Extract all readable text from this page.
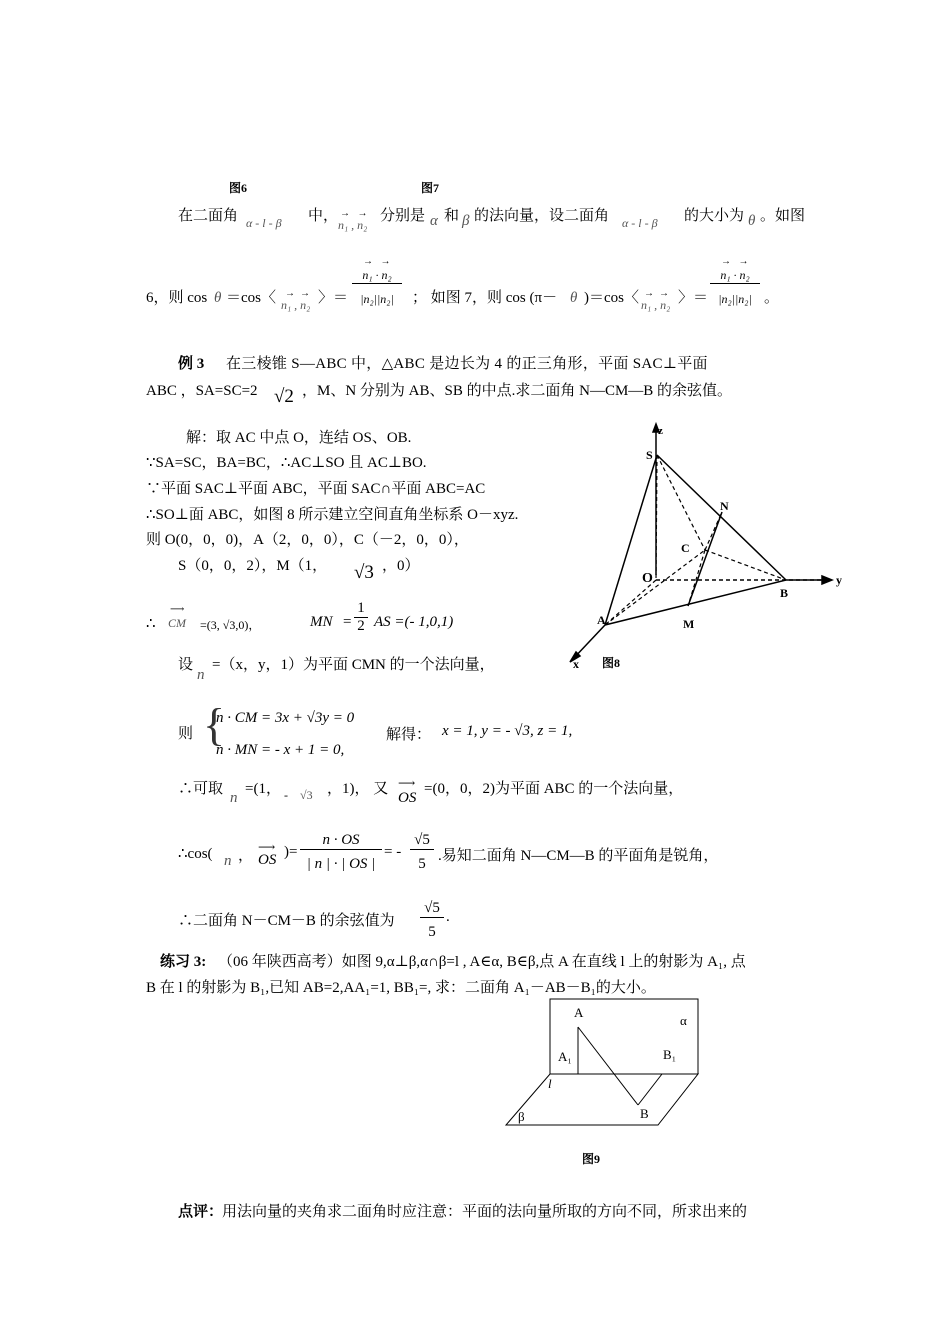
图6	图7
在二面角 α - l - β 中， →   →
n₁ , n₂
分别是 α 和 β 的法向量，设二面角 α - l - β 的大小为 θ 。如图
6，则 cos θ ＝cos〈 →  →
n₁ , n₂ 〉＝
→   →
$\frac{\text{n₁ · n₂}}{\text{|n₂||n₂|}}$ ； 如图 7，则 cos (π－ θ )＝cos〈 →  →
n₁ , n₂ 〉＝
→   →
$\frac{\text{n₁ · n₂}}{\text{|n₂||n₂|}}$ 。
例 3 在三棱锥 S—ABC 中，△ABC 是边长为 4 的正三角形，平面 SAC⊥平面
ABC ，SA=SC=2 √2 ，M、N 分别为 AB、SB 的中点.求二面角 N—CM—B 的余弦值。
解：取 AC 中点 O，连结 OS、OB.
∵SA=SC，BA=BC，∴AC⊥SO 且 AC⊥BO.
∵平面 SAC⊥平面 ABC，平面 SAC∩平面 ABC=AC
∴SO⊥面 ABC，如图 8 所示建立空间直角坐标系 O－xyz.
则 O(0，0，0)，A（2，0，0），C（－2，0，0），
S（0，0，2），M（1， √3 ，0）
∴
⟶
CM =(3, √3,0)，	MN = $\frac{1}{2}$ AS =(- 1,0,1)
设
n
=（x，y，1）为平面 CMN 的一个法向量，
则 {
n · CM = 3x + √3y = 0
n · MN = - x + 1 = 0,
解得： x = 1, y = - √3, z = 1,
∴可取
n
=(1， - √3 ，1)， 又 ⟶
OS
=(0，0，2)为平面 ABC 的一个法向量，
∴cos( n ，
⟶
OS )= $\frac{n \cdot OS}{| n | \cdot | OS |}$ = - $\frac{√5}{5}$ .易知二面角 N—CM—B 的平面角是锐角，
∴二面角 N－CM－B 的余弦值为 $\frac{√5}{5}$ .
练习 3: （06 年陕西高考）如图 9,α⊥β,α∩β=l , A∈α, B∈β,点 A 在直线 l 上的射影为 A₁, 点
B 在 l 的射影为 B₁,已知 AB=2,AA₁=1, BB₁=, 求：二面角 A₁－AB－B₁的大小。
点评：
用法向量的夹角求二面角时应注意：平面的法向量所取的方向不同，所求出来的
z
y
x
S
N
C
O
B
A	M
图8
A
A₁	B₁
α
l
β	B
图9
